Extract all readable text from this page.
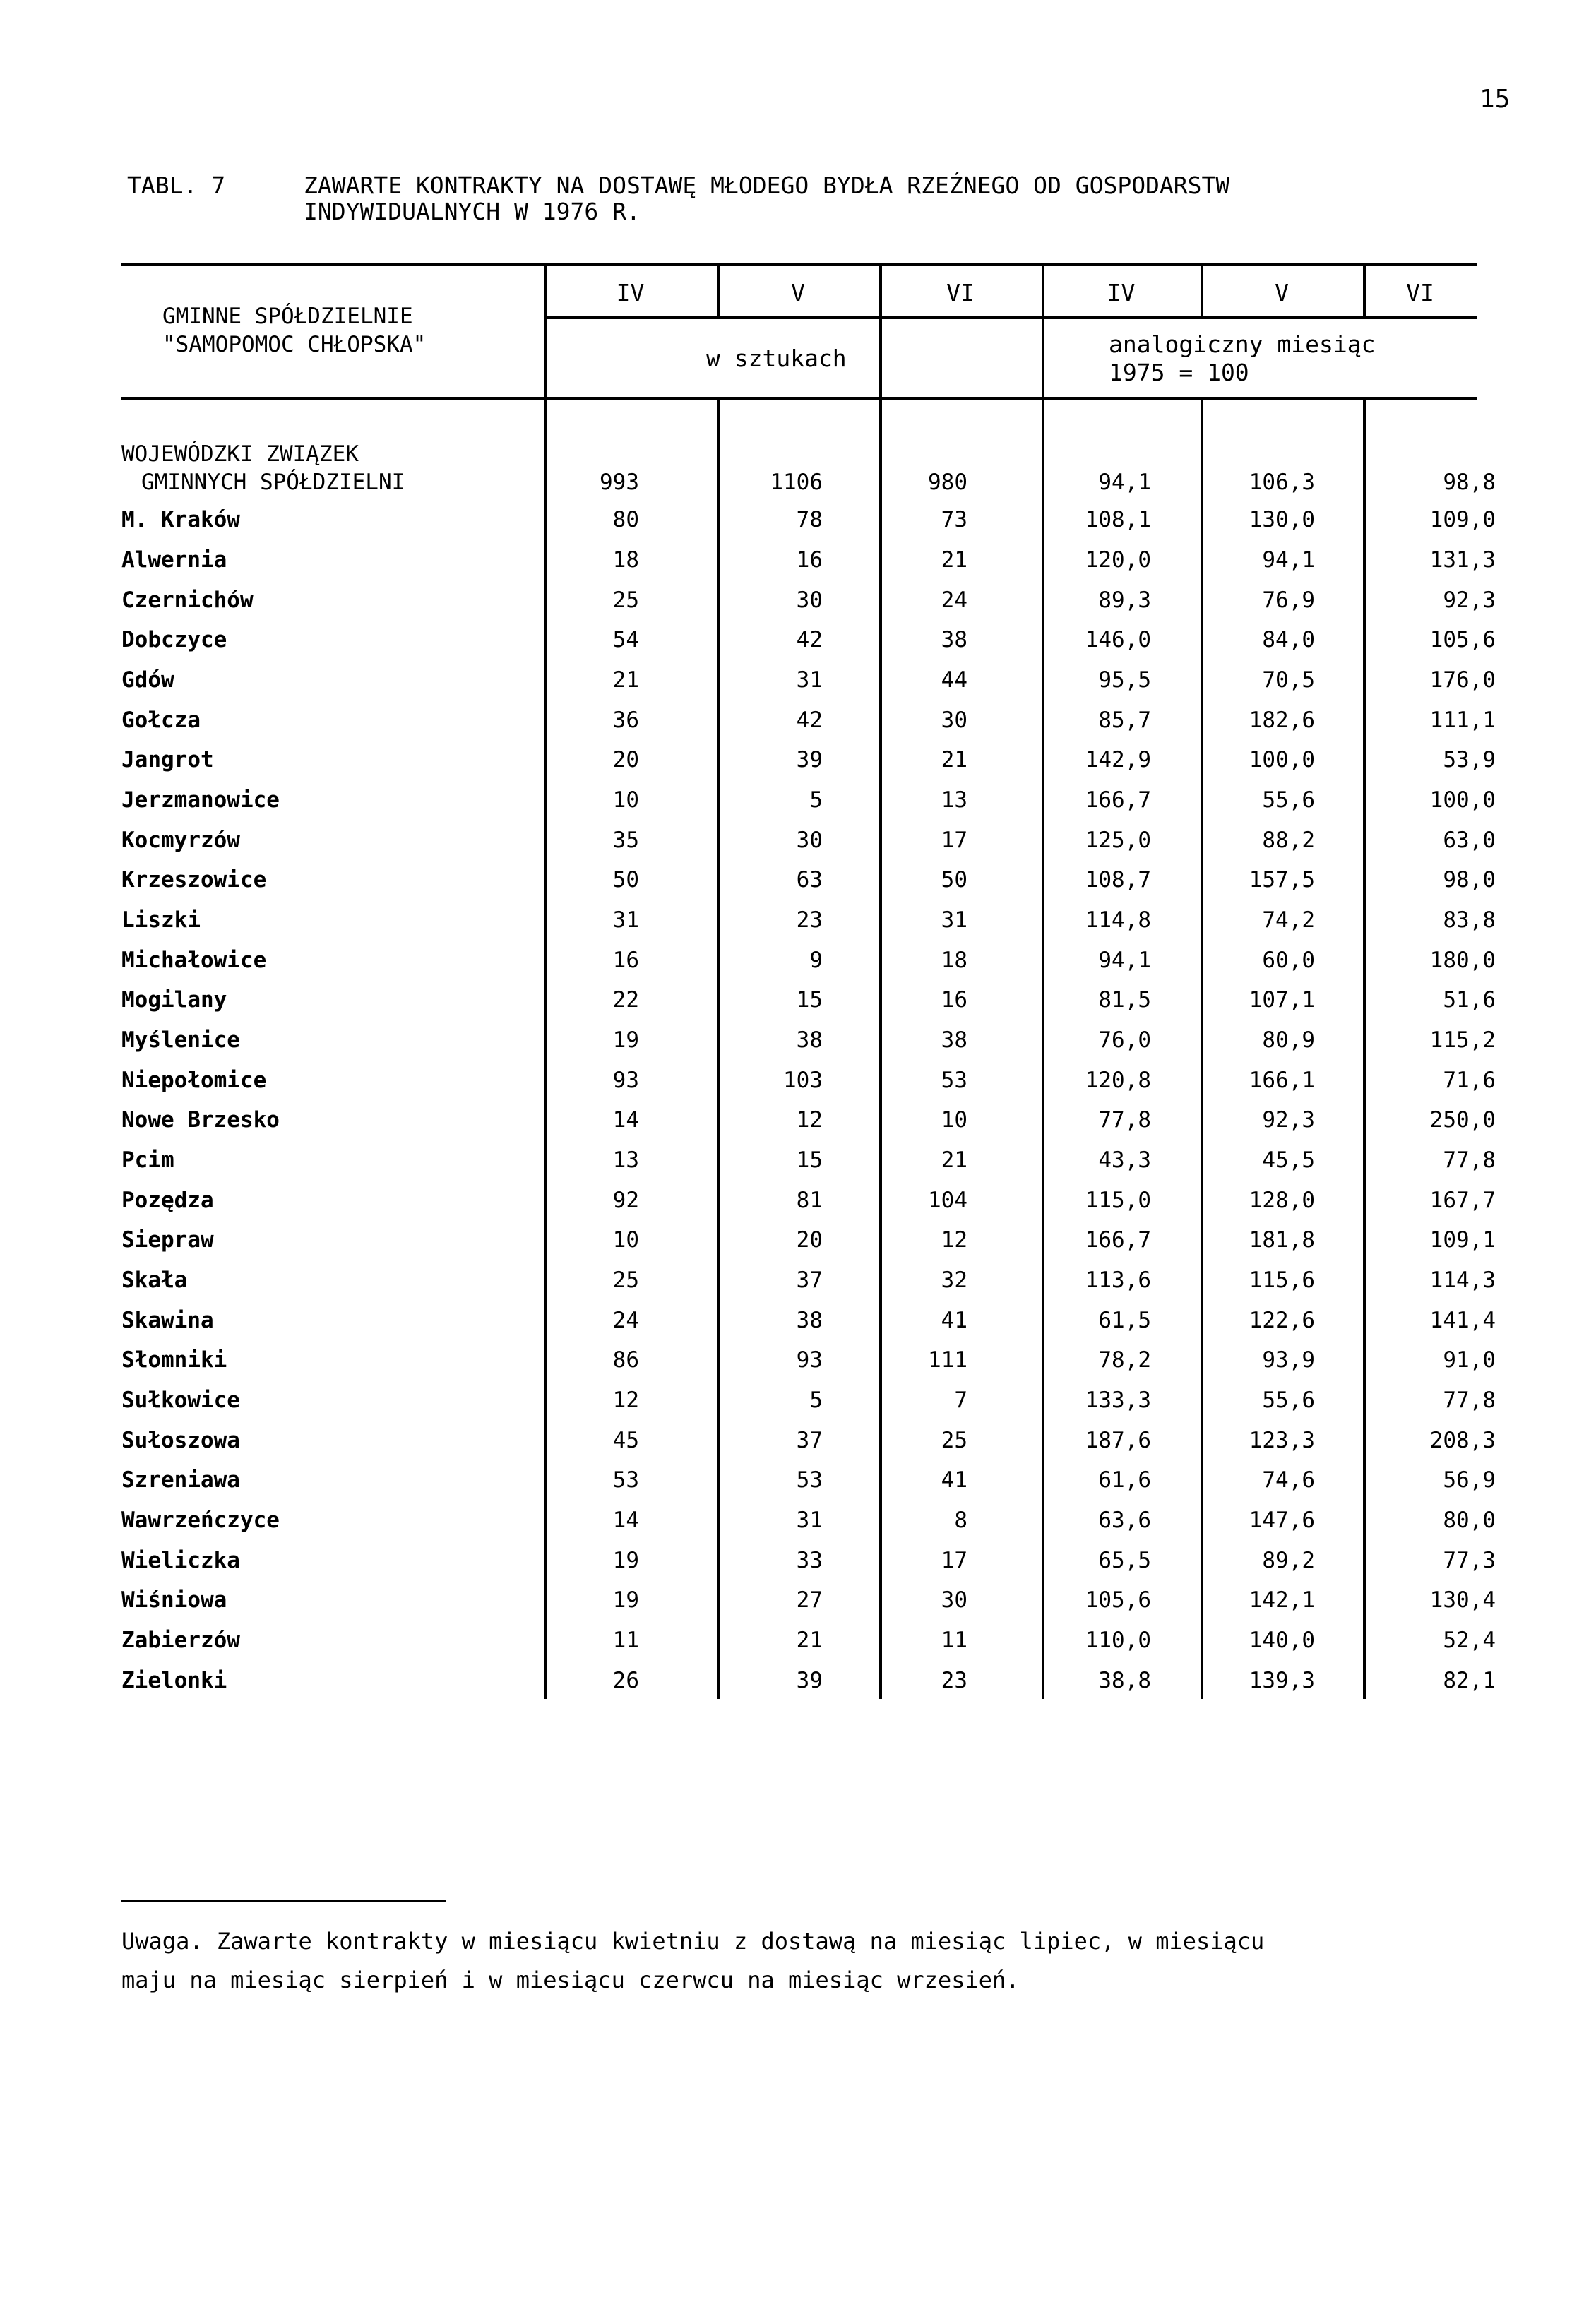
15
TABL. 7	ZAWARTE KONTRAKTY NA DOSTAWĘ MŁODEGO BYDŁA RZEŹNEGO OD GOSPODARSTW
INDYWIDUALNYCH W 1976 R.
GMINNE SPÓŁDZIELNIE
"SAMOPOMOC CHŁOPSKA"
IV	V	VI	IV	V	VI
w sztukach
analogiczny miesiąc
1975 = 100
WOJEWÓDZKI ZWIĄZEK
GMINNYCH SPÓŁDZIELNI	993	1106	980	94,1	106,3	98,8
M. Kraków	80	78	73	108,1	130,0	109,0
Alwernia	18	16	21	120,0	94,1	131,3
Czernichów	25	30	24	89,3	76,9	92,3
Dobczyce	54	42	38	146,0	84,0	105,6
Gdów	21	31	44	95,5	70,5	176,0
Gołcza	36	42	30	85,7	182,6	111,1
Jangrot	20	39	21	142,9	100,0	53,9
Jerzmanowice	10	5	13	166,7	55,6	100,0
Kocmyrzów	35	30	17	125,0	88,2	63,0
Krzeszowice	50	63	50	108,7	157,5	98,0
Liszki	31	23	31	114,8	74,2	83,8
Michałowice	16	9	18	94,1	60,0	180,0
Mogilany	22	15	16	81,5	107,1	51,6
Myślenice	19	38	38	76,0	80,9	115,2
Niepołomice	93	103	53	120,8	166,1	71,6
Nowe Brzesko	14	12	10	77,8	92,3	250,0
Pcim	13	15	21	43,3	45,5	77,8
Pozędza	92	81	104	115,0	128,0	167,7
Siepraw	10	20	12	166,7	181,8	109,1
Skała	25	37	32	113,6	115,6	114,3
Skawina	24	38	41	61,5	122,6	141,4
Słomniki	86	93	111	78,2	93,9	91,0
Sułkowice	12	5	7	133,3	55,6	77,8
Sułoszowa	45	37	25	187,6	123,3	208,3
Szreniawa	53	53	41	61,6	74,6	56,9
Wawrzeńczyce	14	31	8	63,6	147,6	80,0
Wieliczka	19	33	17	65,5	89,2	77,3
Wiśniowa	19	27	30	105,6	142,1	130,4
Zabierzów	11	21	11	110,0	140,0	52,4
Zielonki	26	39	23	38,8	139,3	82,1
Uwaga. Zawarte kontrakty w miesiącu kwietniu z dostawą na miesiąc lipiec, w miesiącu
maju na miesiąc sierpień i w miesiącu czerwcu na miesiąc wrzesień.
